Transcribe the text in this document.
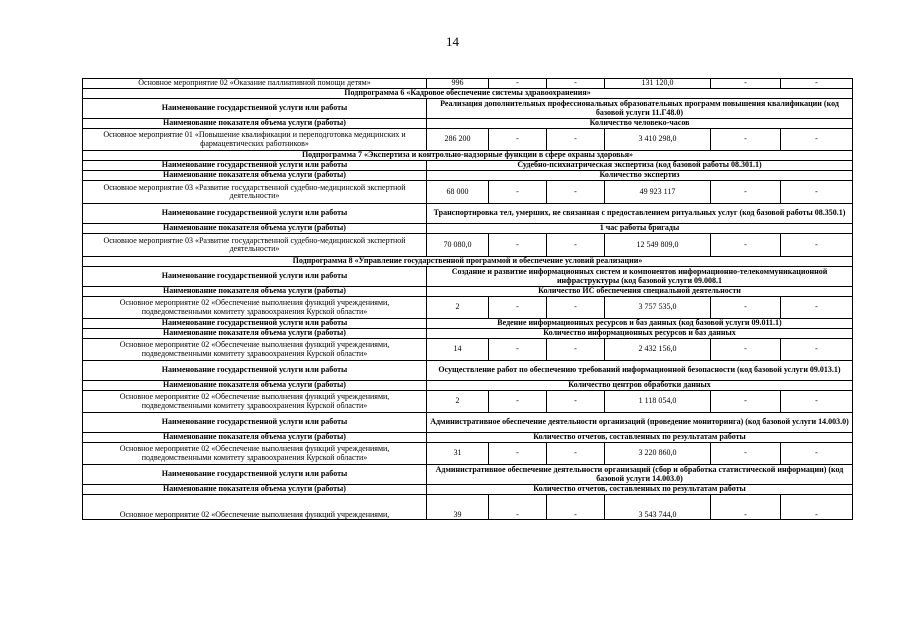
14
Основное мероприятие 02 «Оказание паллиативной помощи детям»	996	-	-	131 120,0	-	-
Подпрограмма 6 «Кадровое обеспечение системы здравоохранения»						
Наименование государственной услуги или работы	Реализация дополнительных профессиональных образовательных программ повышения квалификации (код базовой услуги 11.Г48.0)					
Наименование показателя объема услуги (работы)	Количество человеко-часов					
Основное мероприятие 01 «Повышение квалификации и переподготовка медицинских и фармацевтических работников»	286 200	-	-	3 410 298,0	-	-
Подпрограмма 7 «Экспертиза и контрольно-надзорные функции в сфере охраны здоровья»						
Наименование государственной услуги или работы	Судебно-психиатрическая экспертиза (код базовой работы 08.301.1)					
Наименование показателя объема услуги (работы)	Количество экспертиз					
Основное мероприятие 03 «Развитие государственной судебно-медицинской экспертной деятельности»	68 000	-	-	49 923 117	-	-
Наименование государственной услуги или работы	Транспортировка тел, умерших, не связанная с предоставлением ритуальных услуг (код базовой работы 08.350.1)					
Наименование показателя объема услуги (работы)	1 час работы бригады					
Основное мероприятие 03 «Развитие государственной судебно-медицинской экспертной деятельности»	70 080,0	-	-	12 549 809,0	-	-
Подпрограмма 8 «Управление государственной программой и обеспечение условий реализации»						
Наименование государственной услуги или работы	Создание и развитие информационных систем и компонентов информационно-телекоммуникационной инфраструктуры (код базовой услуги 09.008.1					
Наименование показателя объема услуги (работы)	Количество ИС обеспечения специальной деятельности					
Основное мероприятие 02 «Обеспечение выполнения функций учреждениями, подведомственными комитету здравоохранения Курской области»	2	-	-	3 757 535,0	-	-
Наименование государственной услуги или работы	Ведение информационных ресурсов и баз данных (код базовой услуги 09.011.1)					
Наименование показателя объема услуги (работы)	Количество информационных ресурсов и баз данных					
Основное мероприятие 02 «Обеспечение выполнения функций учреждениями, подведомственными комитету здравоохранения Курской области»	14	-	-	2 432 156,0	-	-
Наименование государственной услуги или работы	Осуществление работ по обеспечению требований информационной безопасности (код базовой услуги 09.013.1)					
Наименование показателя объема услуги (работы)	Количество центров обработки данных					
Основное мероприятие 02 «Обеспечение выполнения функций учреждениями, подведомственными комитету здравоохранения Курской области»	2	-	-	1 118 054,0	-	-
Наименование государственной услуги или работы	Административное обеспечение деятельности организаций (проведение мониторинга) (код базовой услуги 14.003.0)					
Наименование показателя объема услуги (работы)	Количество отчетов, составленных по результатам работы					
Основное мероприятие 02 «Обеспечение выполнения функций учреждениями, подведомственными комитету здравоохранения Курской области»	31	-	-	3 220 860,0	-	-
Наименование государственной услуги или работы	Административное обеспечение деятельности организаций (сбор и обработка статистической информации) (код базовой услуги 14.003.0)					
Наименование показателя объема услуги (работы)	Количество отчетов, составленных по результатам работы					
Основное мероприятие 02 «Обеспечение выполнения функций учреждениями,	39	-	-	3 543 744,0	-	-
